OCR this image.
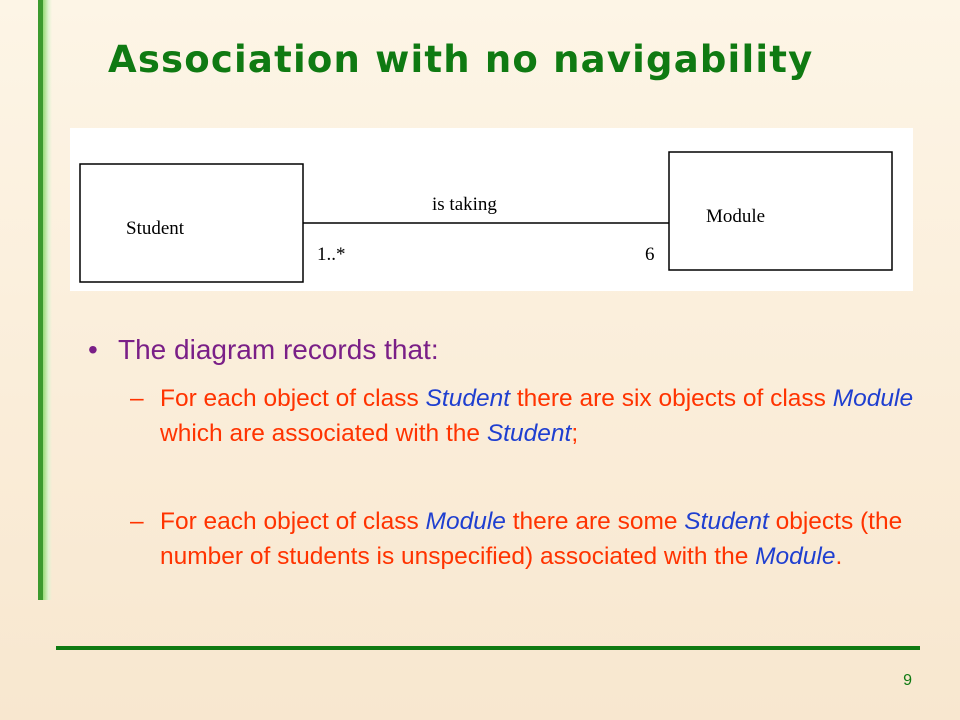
Association with no navigability
Student
Module
is taking
1..*	6
• The diagram records that:
– For each object of class Student there are six objects of class Module which are associated with the Student;
– For each object of class Module there are some Student objects (the number of students is unspecified) associated with the Module.
9
